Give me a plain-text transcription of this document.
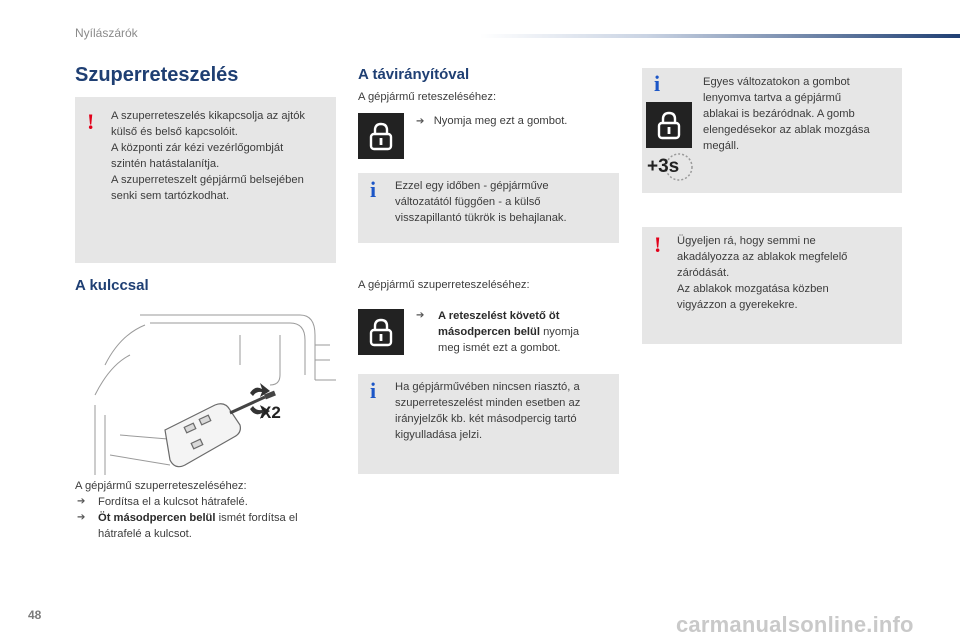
Nyílászárók
Szuperreteszelés
! A szuperreteszelés kikapcsolja az ajtók
külső és belső kapcsolóit.
A központi zár kézi vezérlőgombját
szintén hatástalanítja.
A szuperreteszelt gépjármű belsejében
senki sem tartózkodhat.
A kulccsal
X2
A gépjármű szuperreteszeléséhez:
➔ Fordítsa el a kulcsot hátrafelé.
➔ Öt másodpercen belül ismét fordítsa el
hátrafelé a kulcsot.
A távirányítóval
A gépjármű reteszeléséhez:
➔ Nyomja meg ezt a gombot.
i Ezzel egy időben - gépjárműve
változatától függően - a külső
visszapillantó tükrök is behajlanak.
A gépjármű szuperreteszeléséhez:
➔ A reteszelést követő öt
másodpercen belül nyomja
meg ismét ezt a gombot.
i Ha gépjárművében nincsen riasztó, a
szuperreteszelést minden esetben az
irányjelzők kb. két másodpercig tartó
kigyulladása jelzi.
i
+3s
Egyes változatokon a gombot
lenyomva tartva a gépjármű
ablakai is bezáródnak. A gomb
elengedésekor az ablak mozgása
megáll.
! Ügyeljen rá, hogy semmi ne
akadályozza az ablakok megfelelő
záródását.
Az ablakok mozgatása közben
vigyázzon a gyerekekre.
48	carmanualsonline.info
